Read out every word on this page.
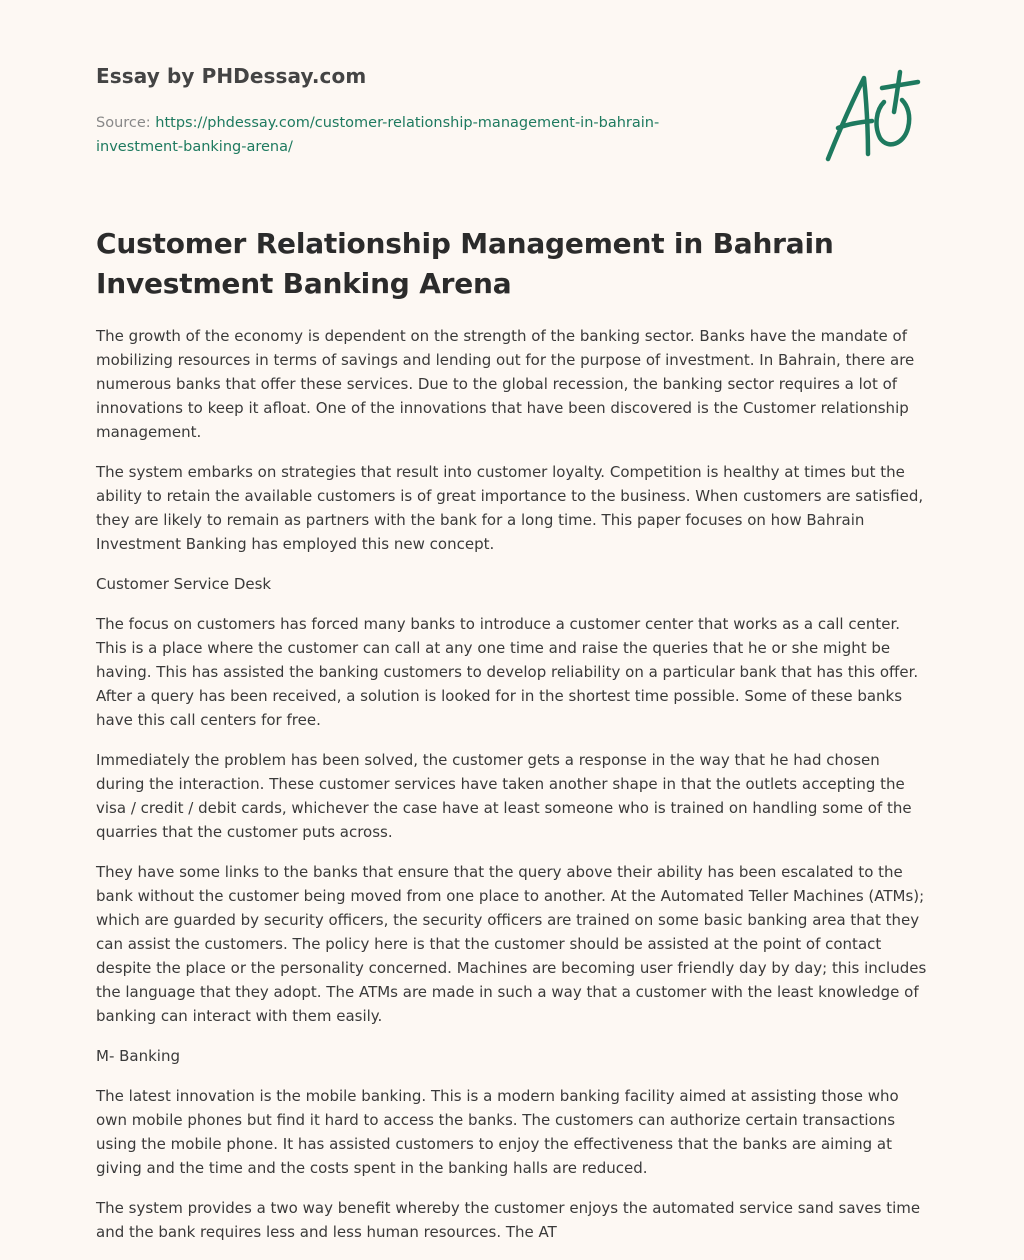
Essay by PHDessay.com
Source: https://phdessay.com/customer-relationship-management-in-bahrain-investment-banking-arena/
Customer Relationship Management in Bahrain Investment Banking Arena

The growth of the economy is dependent on the strength of the banking sector. Banks have the mandate of mobilizing resources in terms of savings and lending out for the purpose of investment. In Bahrain, there are numerous banks that offer these services. Due to the global recession, the banking sector requires a lot of innovations to keep it afloat. One of the innovations that have been discovered is the Customer relationship management.

The system embarks on strategies that result into customer loyalty. Competition is healthy at times but the ability to retain the available customers is of great importance to the business. When customers are satisfied, they are likely to remain as partners with the bank for a long time. This paper focuses on how Bahrain Investment Banking has employed this new concept.

Customer Service Desk

The focus on customers has forced many banks to introduce a customer center that works as a call center. This is a place where the customer can call at any one time and raise the queries that he or she might be having. This has assisted the banking customers to develop reliability on a particular bank that has this offer. After a query has been received, a solution is looked for in the shortest time possible. Some of these banks have this call centers for free.

Immediately the problem has been solved, the customer gets a response in the way that he had chosen during the interaction. These customer services have taken another shape in that the outlets accepting the visa / credit / debit cards, whichever the case have at least someone who is trained on handling some of the quarries that the customer puts across.

They have some links to the banks that ensure that the query above their ability has been escalated to the bank without the customer being moved from one place to another. At the Automated Teller Machines (ATMs); which are guarded by security officers, the security officers are trained on some basic banking area that they can assist the customers. The policy here is that the customer should be assisted at the point of contact despite the place or the personality concerned. Machines are becoming user friendly day by day; this includes the language that they adopt. The ATMs are made in such a way that a customer with the least knowledge of banking can interact with them easily.

M- Banking

The latest innovation is the mobile banking. This is a modern banking facility aimed at assisting those who own mobile phones but find it hard to access the banks. The customers can authorize certain transactions using the mobile phone. It has assisted customers to enjoy the effectiveness that the banks are aiming at giving and the time and the costs spent in the banking halls are reduced.

The system provides a two way benefit whereby the customer enjoys the automated service sand saves time and the bank requires less and less human resources. The AT
